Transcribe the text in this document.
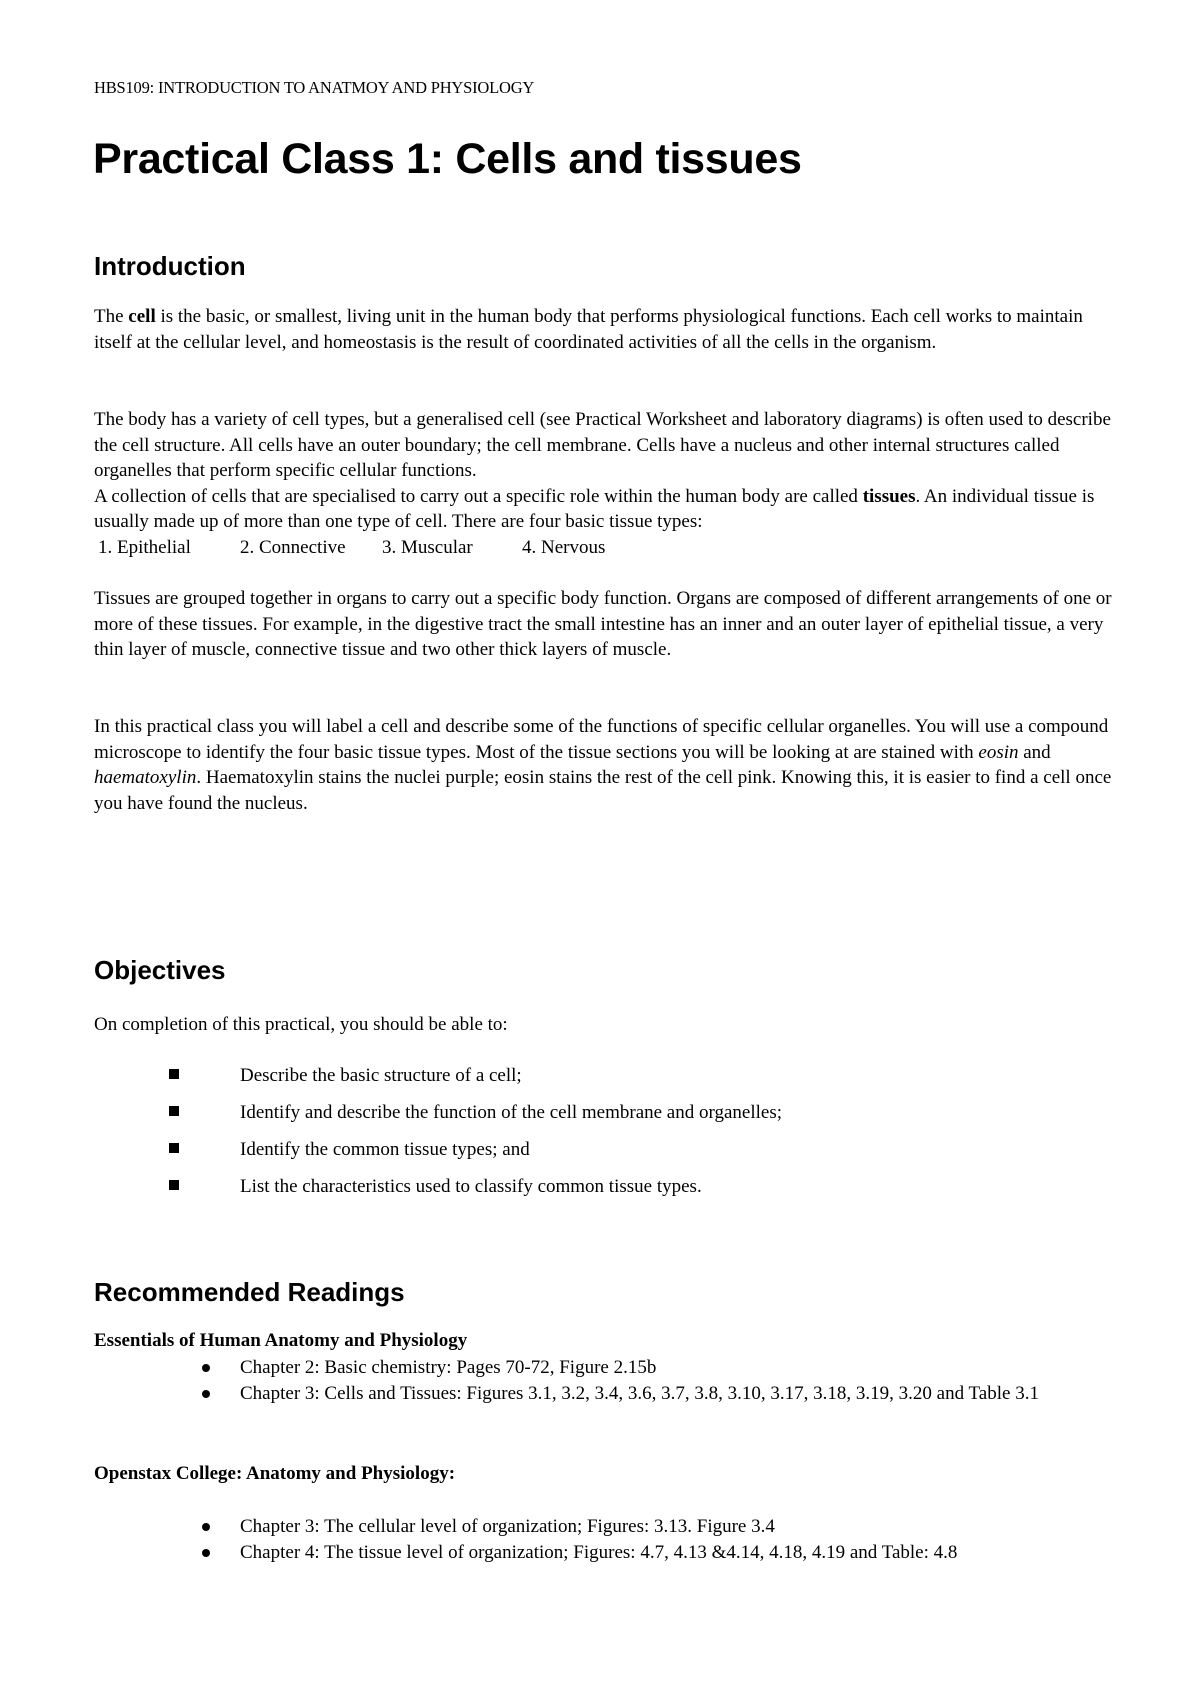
HBS109: INTRODUCTION TO ANATMOY AND PHYSIOLOGY
Practical Class 1: Cells and tissues
Introduction

The cell is the basic, or smallest, living unit in the human body that performs physiological functions. Each cell works to maintain itself at the cellular level, and homeostasis is the result of coordinated activities of all the cells in the organism.

The body has a variety of cell types, but a generalised cell (see Practical Worksheet and laboratory diagrams) is often used to describe the cell structure. All cells have an outer boundary; the cell membrane. Cells have a nucleus and other internal structures called organelles that perform specific cellular functions.

A collection of cells that are specialised to carry out a specific role within the human body are called tissues. An individual tissue is usually made up of more than one type of cell. There are four basic tissue types:

1. Epithelial	2. Connective 3. Muscular	4. Nervous

Tissues are grouped together in organs to carry out a specific body function. Organs are composed of different arrangements of one or more of these tissues. For example, in the digestive tract the small intestine has an inner and an outer layer of epithelial tissue, a very thin layer of muscle, connective tissue and two other thick layers of muscle.

In this practical class you will label a cell and describe some of the functions of specific cellular organelles. You will use a compound microscope to identify the four basic tissue types. Most of the tissue sections you will be looking at are stained with eosin and haematoxylin. Haematoxylin stains the nuclei purple; eosin stains the rest of the cell pink. Knowing this, it is easier to find a cell once you have found the nucleus.

Objectives
On completion of this practical, you should be able to:
Describe the basic structure of a cell;
Identify and describe the function of the cell membrane and organelles;
Identify the common tissue types; and
List the characteristics used to classify common tissue types.
Recommended Readings
Essentials of Human Anatomy and Physiology
Chapter 2: Basic chemistry: Pages 70-72, Figure 2.15b
Chapter 3: Cells and Tissues: Figures 3.1, 3.2, 3.4, 3.6, 3.7, 3.8, 3.10, 3.17, 3.18, 3.19, 3.20 and Table 3.1
Openstax College: Anatomy and Physiology:
Chapter 3: The cellular level of organization; Figures: 3.13. Figure 3.4
Chapter 4: The tissue level of organization; Figures: 4.7, 4.13 &4.14, 4.18, 4.19 and Table: 4.8
